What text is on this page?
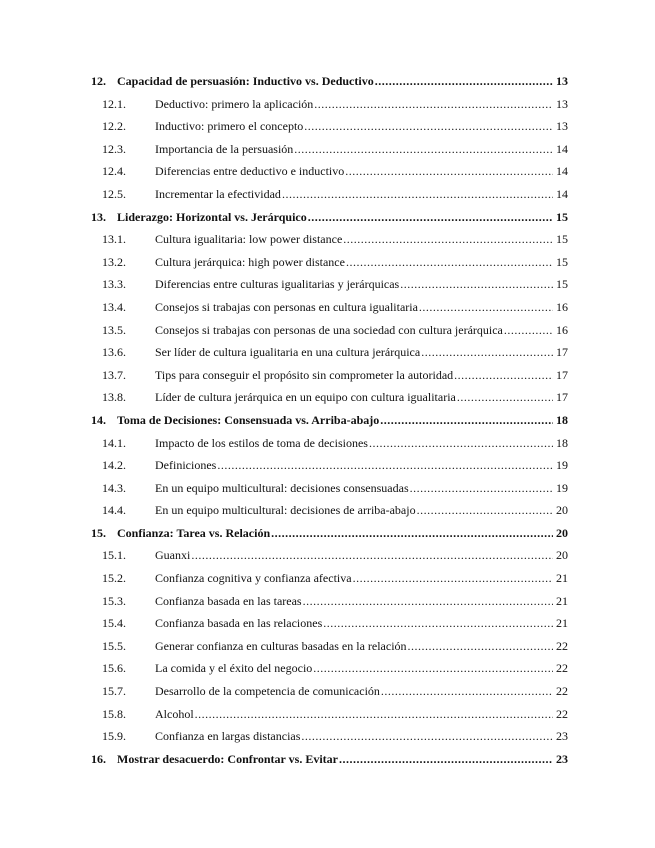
12. Capacidad de persuasión: Inductivo vs. Deductivo .....	13
12.1.	Deductivo: primero la aplicación .....	13
12.2.	Inductivo: primero el concepto .....	13
12.3.	Importancia de la persuasión .....	14
12.4.	Diferencias entre deductivo e inductivo .....	14
12.5.	Incrementar la efectividad .....	14
13. Liderazgo: Horizontal vs. Jerárquico .....	15
13.1.	Cultura igualitaria: low power distance .....	15
13.2.	Cultura jerárquica: high power distance .....	15
13.3.	Diferencias entre culturas igualitarias y jerárquicas .....	15
13.4.	Consejos si trabajas con personas en cultura igualitaria .....	16
13.5.	Consejos si trabajas con personas de una sociedad con cultura jerárquica .....	16
13.6.	Ser líder de cultura igualitaria en una cultura jerárquica .....	17
13.7.	Tips para conseguir el propósito sin comprometer la autoridad .....	17
13.8.	Líder de cultura jerárquica en un equipo con cultura igualitaria .....	17
14. Toma de Decisiones: Consensuada vs. Arriba-abajo .....	18
14.1.	Impacto de los estilos de toma de decisiones .....	18
14.2.	Definiciones .....	19
14.3.	En un equipo multicultural: decisiones consensuadas .....	19
14.4.	En un equipo multicultural: decisiones de arriba-abajo .....	20
15. Confianza: Tarea vs. Relación .....	20
15.1.	Guanxi .....	20
15.2.	Confianza cognitiva y confianza afectiva .....	21
15.3.	Confianza basada en las tareas .....	21
15.4.	Confianza basada en las relaciones .....	21
15.5.	Generar confianza en culturas basadas en la relación .....	22
15.6.	La comida y el éxito del negocio .....	22
15.7.	Desarrollo de la competencia de comunicación .....	22
15.8.	Alcohol .....	22
15.9.	Confianza en largas distancias .....	23
16. Mostrar desacuerdo: Confrontar vs. Evitar .....	23
